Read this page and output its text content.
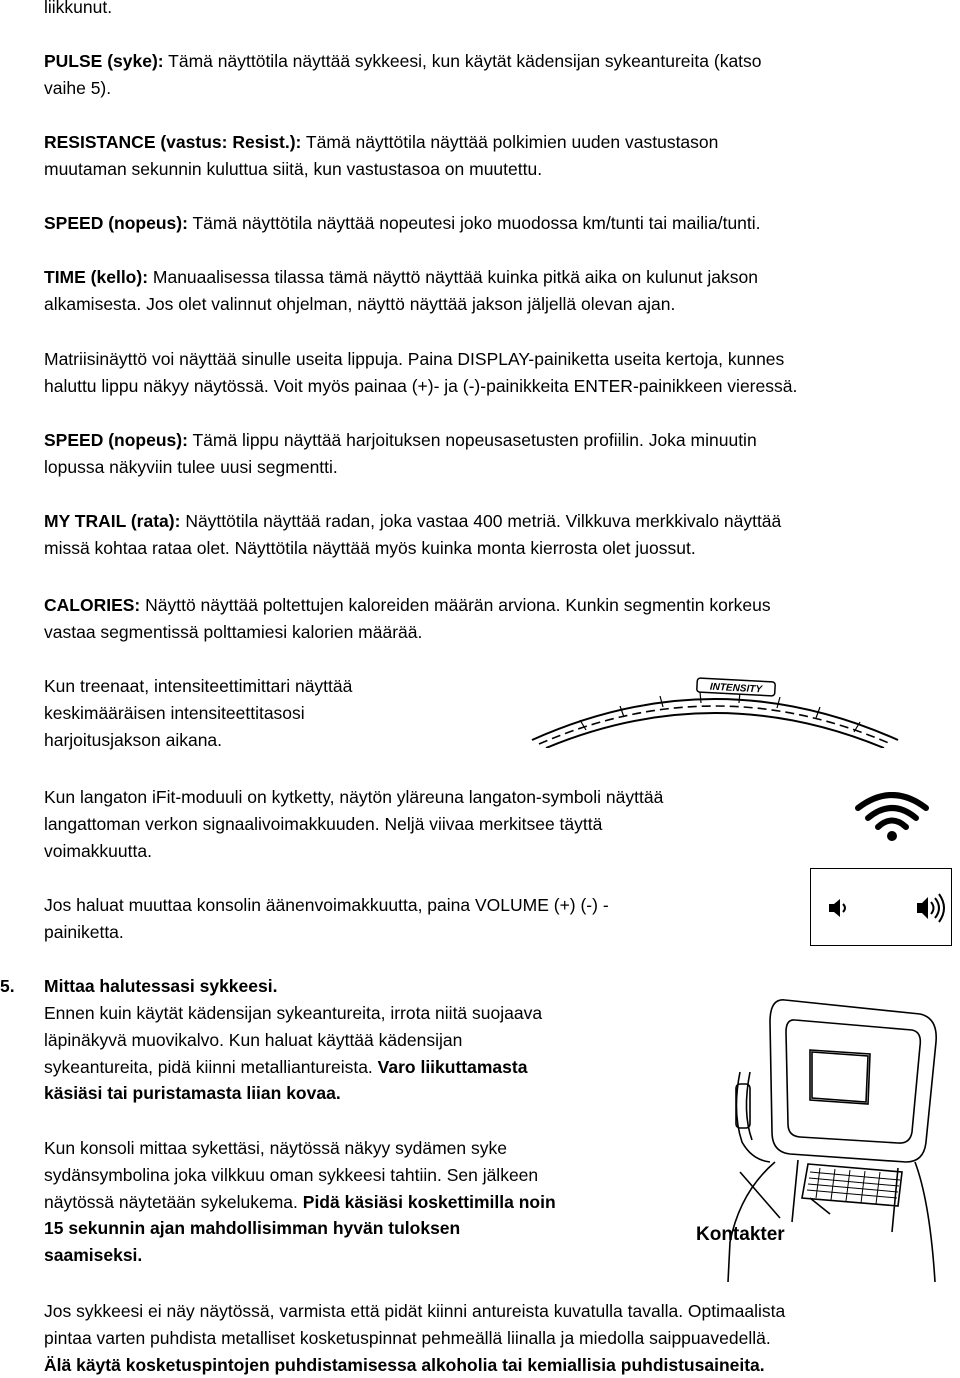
liikkunut.

PULSE (syke): Tämä näyttötila näyttää sykkeesi, kun käytät kädensijan sykeantureita (katso
vaihe 5).

RESISTANCE (vastus: Resist.): Tämä näyttötila näyttää polkimien uuden vastustason
muutaman sekunnin kuluttua siitä, kun vastustasoa on muutettu.

SPEED (nopeus): Tämä näyttötila näyttää nopeutesi joko muodossa km/tunti tai mailia/tunti.

TIME (kello): Manuaalisessa tilassa tämä näyttö näyttää kuinka pitkä aika on kulunut jakson
alkamisesta. Jos olet valinnut ohjelman, näyttö näyttää jakson jäljellä olevan ajan.

Matriisinäyttö voi näyttää sinulle useita lippuja. Paina DISPLAY-painiketta useita kertoja, kunnes
haluttu lippu näkyy näytössä. Voit myös painaa (+)- ja (-)-painikkeita ENTER-painikkeen vieressä.

SPEED (nopeus): Tämä lippu näyttää harjoituksen nopeusasetusten profiilin. Joka minuutin
lopussa näkyviin tulee uusi segmentti.

MY TRAIL (rata): Näyttötila näyttää radan, joka vastaa 400 metriä. Vilkkuva merkkivalo näyttää
missä kohtaa rataa olet. Näyttötila näyttää myös kuinka monta kierrosta olet juossut.

CALORIES: Näyttö näyttää poltettujen kaloreiden määrän arviona. Kunkin segmentin korkeus
vastaa segmentissä polttamiesi kalorien määrää.

Kun treenaat, intensiteettimittari näyttää
keskimääräisen intensiteettitasosi
harjoitusjakson aikana.

Kun langaton iFit-moduuli on kytketty, näytön yläreuna langaton-symboli näyttää
langattoman verkon signaalivoimakkuuden. Neljä viivaa merkitsee täyttä
voimakkuutta.

Jos haluat muuttaa konsolin äänenvoimakkuutta, paina VOLUME (+) (-) -
painiketta.

5. Mittaa halutessasi sykkeesi.

Ennen kuin käytät kädensijan sykeantureita, irrota niitä suojaava
läpinäkyvä muovikalvo. Kun haluat käyttää kädensijan
sykeantureita, pidä kiinni metalliantureista. Varo liikuttamasta
käsiäsi tai puristamasta liian kovaa.

Kun konsoli mittaa sykettäsi, näytössä näkyy sydämen syke
sydänsymbolina joka vilkkuu oman sykkeesi tahtiin. Sen jälkeen
näytössä näytetään sykelukema. Pidä käsiäsi koskettimilla noin
15 sekunnin ajan mahdollisimman hyvän tuloksen
saamiseksi.

Jos sykkeesi ei näy näytössä, varmista että pidät kiinni antureista kuvatulla tavalla. Optimaalista
pintaa varten puhdista metalliset kosketuspinnat pehmeällä liinalla ja miedolla saippuavedellä.
Älä käytä kosketuspintojen puhdistamisessa alkoholia tai kemiallisia puhdistusaineita.

INTENSITY
Kontakter
